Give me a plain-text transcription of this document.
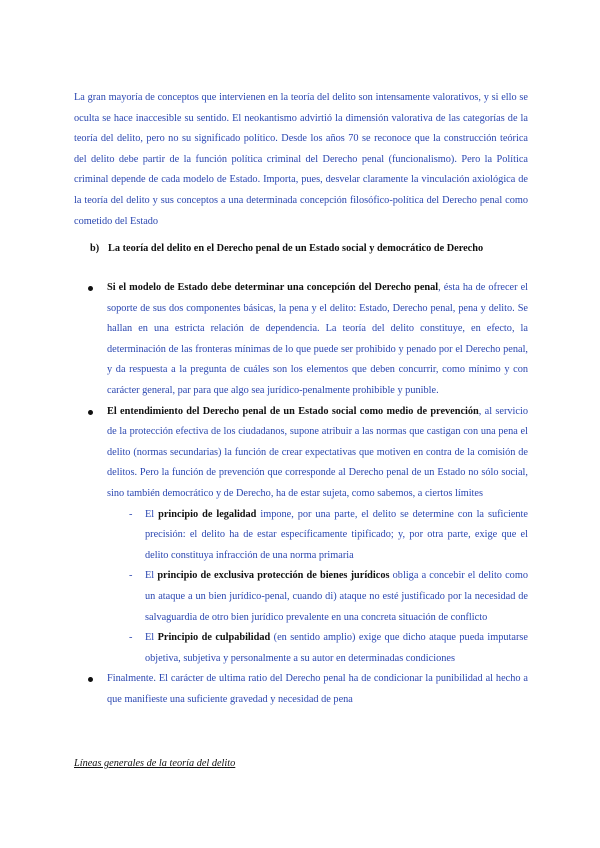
La gran mayoría de conceptos que intervienen en la teoría del delito son intensamente valorativos, y si ello se oculta se hace inaccesible su sentido. El neokantismo advirtió la dimensión valorativa de las categorías de la teoría del delito, pero no su significado político. Desde los años 70 se reconoce que la construcción teórica del delito debe partir de la función política criminal del Derecho penal (funcionalismo). Pero la Política criminal depende de cada modelo de Estado. Importa, pues, desvelar claramente la vinculación axiológica de la teoría del delito y sus conceptos a una determinada concepción filosófico-política del Derecho penal como cometido del Estado

b) La teoría del delito en el Derecho penal de un Estado social y democrático de Derecho
Si el modelo de Estado debe determinar una concepción del Derecho penal, ésta ha de ofrecer el soporte de sus dos componentes básicas, la pena y el delito: Estado, Derecho penal, pena y delito. Se hallan en una estricta relación de dependencia. La teoría del delito constituye, en efecto, la determinación de las fronteras mínimas de lo que puede ser prohibido y penado por el Derecho penal, y da respuesta a la pregunta de cuáles son los elementos que deben concurrir, como mínimo y con carácter general, par para que algo sea jurídico-penalmente prohibible y punible.
El entendimiento del Derecho penal de un Estado social como medio de prevención, al servicio de la protección efectiva de los ciudadanos, supone atribuir a las normas que castigan con una pena el delito (normas secundarias) la función de crear expectativas que motiven en contra de la comisión de delitos. Pero la función de prevención que corresponde al Derecho penal de un Estado no sólo social, sino también democrático y de Derecho, ha de estar sujeta, como sabemos, a ciertos límites
- El principio de legalidad impone, por una parte, el delito se determine con la suficiente precisión: el delito ha de estar específicamente tipificado; y, por otra parte, exige que el delito constituya infracción de una norma primaria
- El principio de exclusiva protección de bienes jurídicos obliga a concebir el delito como un ataque a un bien jurídico-penal, cuando di) ataque no esté justificado por la necesidad de salvaguardia de otro bien jurídico prevalente en una concreta situación de conflicto
- El Principio de culpabilidad (en sentido amplio) exige que dicho ataque pueda imputarse objetiva, subjetiva y personalmente a su autor en determinadas condiciones
Finalmente. El carácter de ultima ratio del Derecho penal ha de condicionar la punibilidad al hecho a que manifieste una suficiente gravedad y necesidad de pena
Líneas generales de la teoría del delito
